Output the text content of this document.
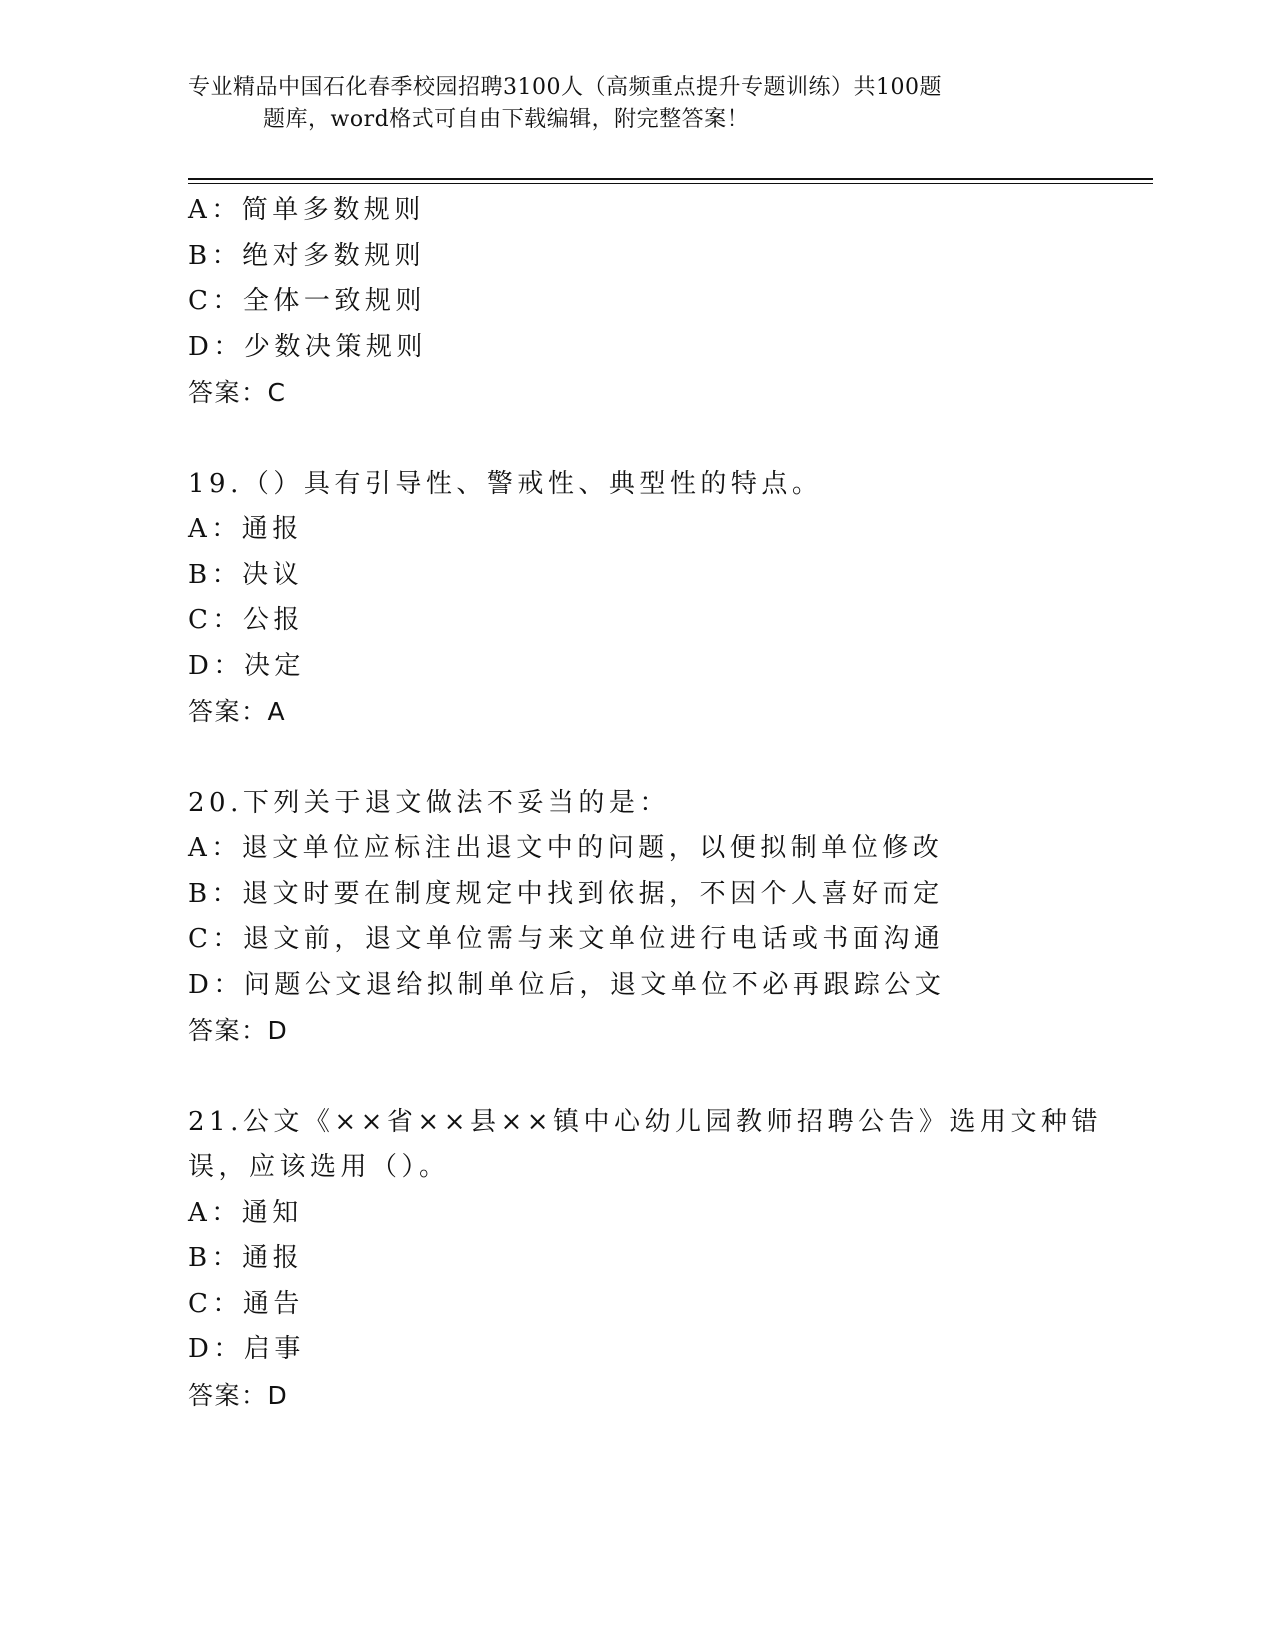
专业精品中国石化春季校园招聘3100人（高频重点提升专题训练）共100题
题库，word格式可自由下载编辑，附完整答案！
A：简单多数规则
B：绝对多数规则
C：全体一致规则
D：少数决策规则
答案：C
19.（）具有引导性、警戒性、典型性的特点。
A：通报
B：决议
C：公报
D：决定
答案：A
20.下列关于退文做法不妥当的是：
A：退文单位应标注出退文中的问题，以便拟制单位修改
B：退文时要在制度规定中找到依据，不因个人喜好而定
C：退文前，退文单位需与来文单位进行电话或书面沟通
D：问题公文退给拟制单位后，退文单位不必再跟踪公文
答案：D
21.公文《××省××县××镇中心幼儿园教师招聘公告》选用文种错
误，应该选用（）。
A：通知
B：通报
C：通告
D：启事
答案：D
